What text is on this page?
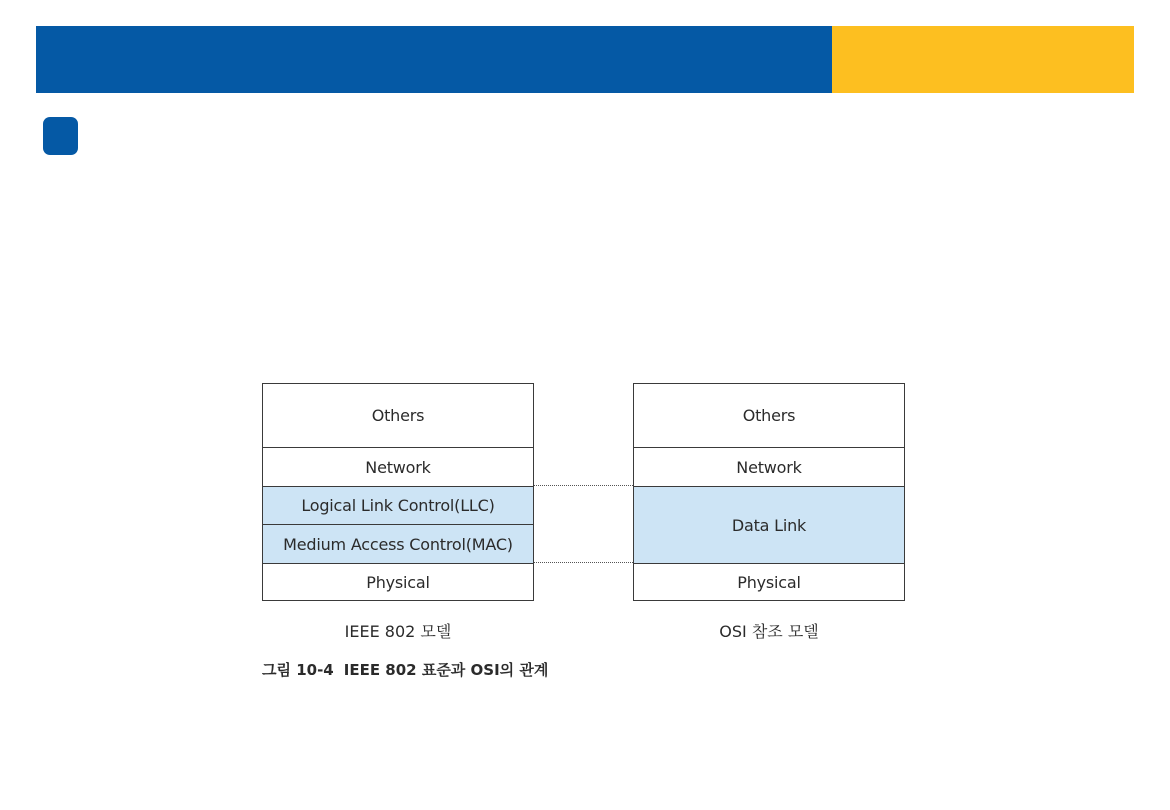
Others
Network
Logical Link Control(LLC)
Medium Access Control(MAC)
Physical
Others
Network
Data Link
Physical
IEEE 802 모델	OSI 참조 모델
그림 10-4 IEEE 802 표준과 OSI의 관계
